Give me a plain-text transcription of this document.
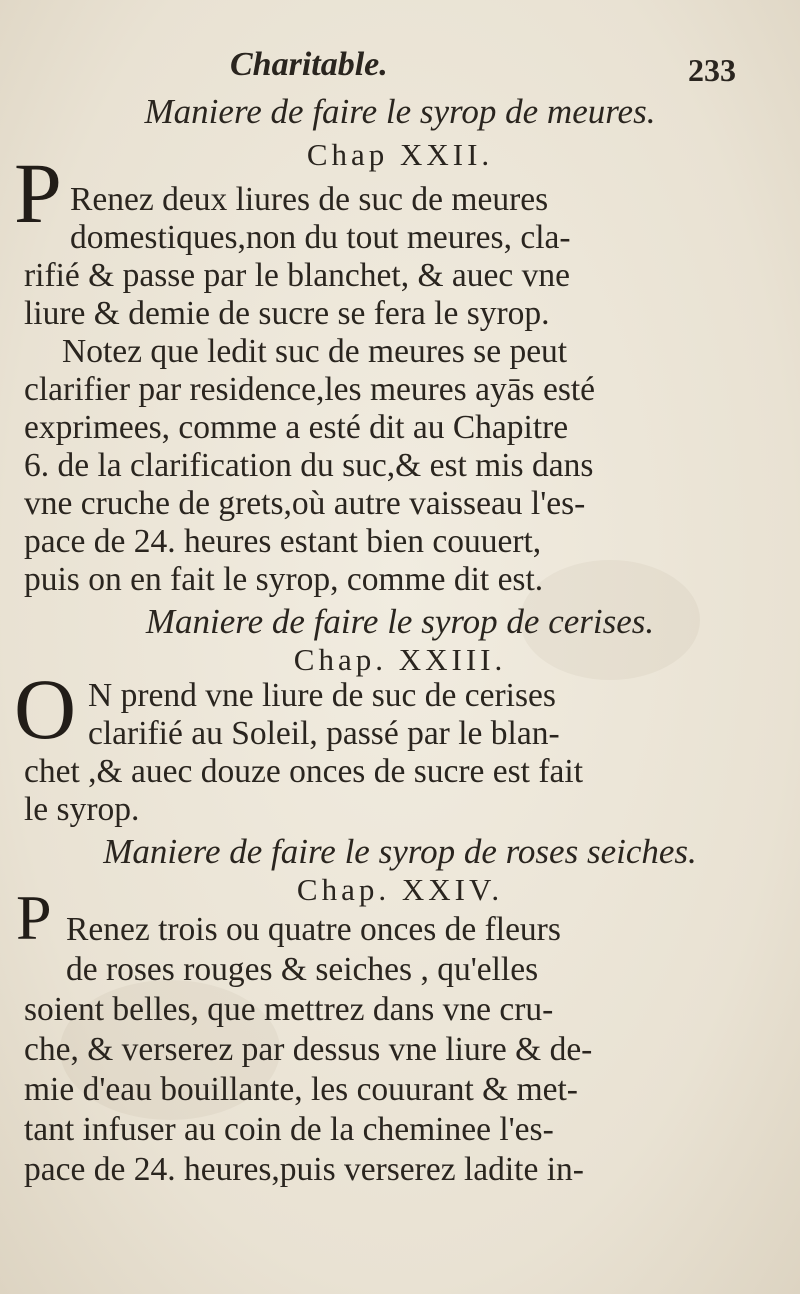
Charitable.	233
Maniere de faire le syrop de meures.
Chap XXII.
P Renez deux liures de suc de meures
domestiques,non du tout meures, cla-
rifié & passe par le blanchet, & auec vne
liure & demie de sucre se fera le syrop.
Notez que ledit suc de meures se peut
clarifier par residence,les meures ayās esté
exprimees, comme a esté dit au Chapitre
6. de la clarification du suc,& est mis dans
vne cruche de grets,où autre vaisseau l'es-
pace de 24. heures estant bien couuert,
puis on en fait le syrop, comme dit est.
Maniere de faire le syrop de cerises.
Chap. XXIII.
O N prend vne liure de suc de cerises
clarifié au Soleil, passé par le blan-
chet ,& auec douze onces de sucre est fait
le syrop.
Maniere de faire le syrop de roses seiches.
Chap. XXIV.
P Renez trois ou quatre onces de fleurs
de roses rouges & seiches , qu'elles
soient belles, que mettrez dans vne cru-
che, & verserez par dessus vne liure & de-
mie d'eau bouillante, les couurant & met-
tant infuser au coin de la cheminee l'es-
pace de 24. heures,puis verserez ladite in-
